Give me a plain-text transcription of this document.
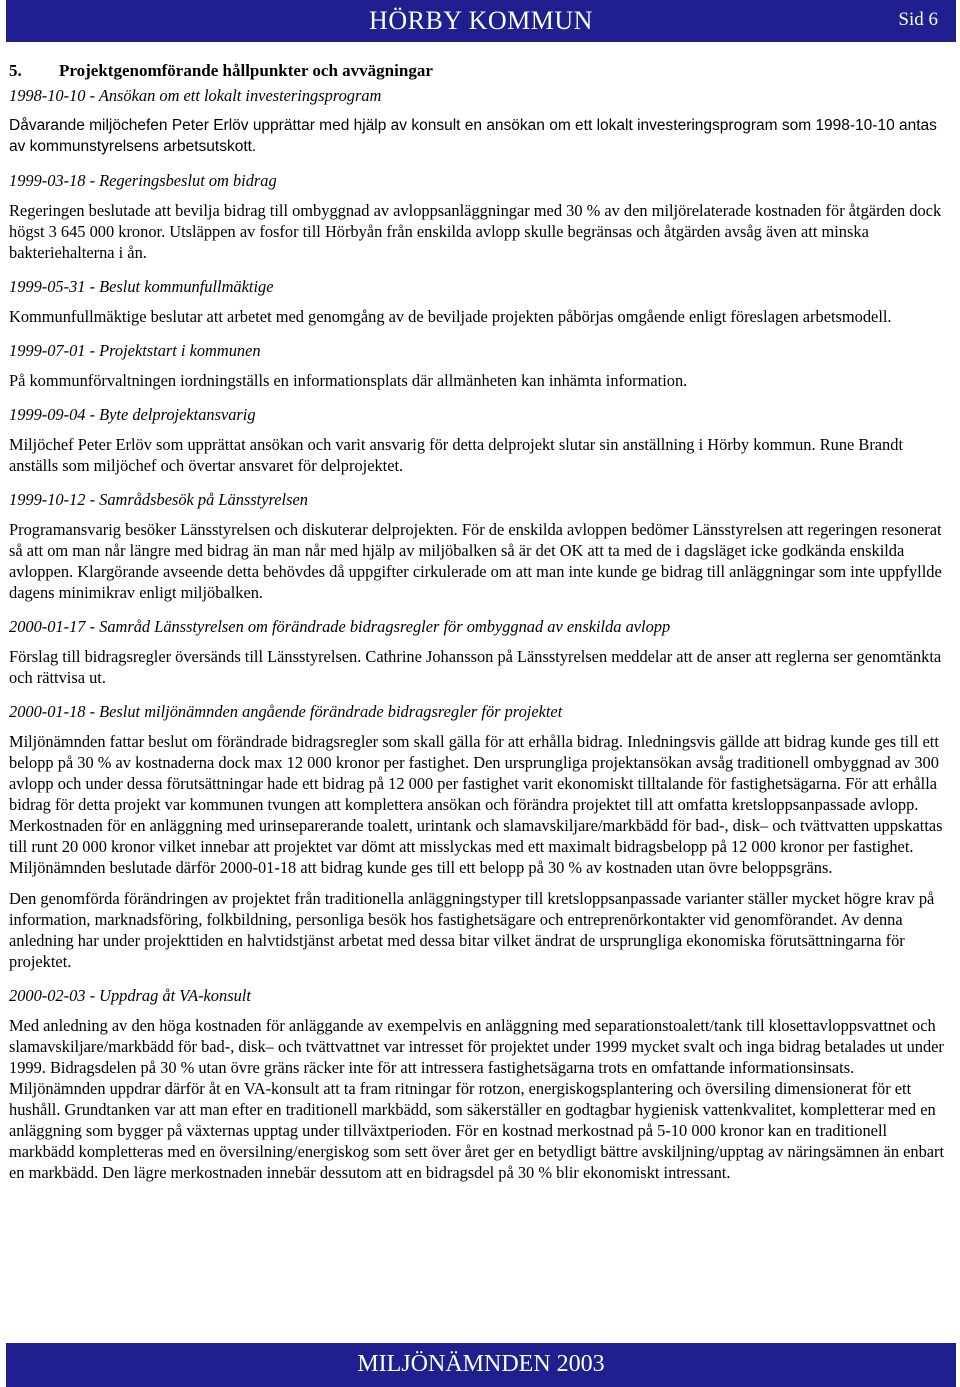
HÖRBY KOMMUN	Sid 6
5. Projektgenomförande hållpunkter och avvägningar
1998-10-10 - Ansökan om ett lokalt investeringsprogram

Dåvarande miljöchefen Peter Erlöv upprättar med hjälp av konsult en ansökan om ett lokalt investeringsprogram som 1998-10-10 antas av kommunstyrelsens arbetsutskott.

1999-03-18 - Regeringsbeslut om bidrag

Regeringen beslutade att bevilja bidrag till ombyggnad av avloppsanläggningar med 30 % av den miljörelaterade kostnaden för åtgärden dock högst 3 645 000 kronor. Utsläppen av fosfor till Hörbyån från enskilda avlopp skulle begränsas och åtgärden avsåg även att minska bakteriehalterna i ån.

1999-05-31 - Beslut kommunfullmäktige

Kommunfullmäktige beslutar att arbetet med genomgång av de beviljade projekten påbörjas omgående enligt föreslagen arbetsmodell.

1999-07-01 - Projektstart i kommunen

På kommunförvaltningen iordningställs en informationsplats där allmänheten kan inhämta information.

1999-09-04 - Byte delprojektansvarig

Miljöchef Peter Erlöv som upprättat ansökan och varit ansvarig för detta delprojekt slutar sin anställning i Hörby kommun. Rune Brandt anställs som miljöchef och övertar ansvaret för delprojektet.

1999-10-12 - Samrådsbesök på Länsstyrelsen

Programansvarig besöker Länsstyrelsen och diskuterar delprojekten. För de enskilda avloppen bedömer Länsstyrelsen att regeringen resonerat så att om man når längre med bidrag än man når med hjälp av miljöbalken så är det OK att ta med de i dagsläget icke godkända enskilda avloppen. Klargörande avseende detta behövdes då uppgifter cirkulerade om att man inte kunde ge bidrag till anläggningar som inte uppfyllde dagens minimikrav enligt miljöbalken.

2000-01-17 - Samråd Länsstyrelsen om förändrade bidragsregler för ombyggnad av enskilda avlopp

Förslag till bidragsregler översänds till Länsstyrelsen. Cathrine Johansson på Länsstyrelsen meddelar att de anser att reglerna ser genomtänkta och rättvisa ut.

2000-01-18 - Beslut miljönämnden angående förändrade bidragsregler för projektet

Miljönämnden fattar beslut om förändrade bidragsregler som skall gälla för att erhålla bidrag. Inledningsvis gällde att bidrag kunde ges till ett belopp på 30 % av kostnaderna dock max 12 000 kronor per fastighet. Den ursprungliga projektansökan avsåg traditionell ombyggnad av 300 avlopp och under dessa förutsättningar hade ett bidrag på 12 000 per fastighet varit ekonomiskt tilltalande för fastighetsägarna. För att erhålla bidrag för detta projekt var kommunen tvungen att komplettera ansökan och förändra projektet till att omfatta kretsloppsanpassade avlopp. Merkostnaden för en anläggning med urinseparerande toalett, urintank och slamavskiljare/markbädd för bad-, disk– och tvättvatten uppskattas till runt 20 000 kronor vilket innebar att projektet var dömt att misslyckas med ett maximalt bidragsbelopp på 12 000 kronor per fastighet. Miljönämnden beslutade därför 2000-01-18 att bidrag kunde ges till ett belopp på 30 % av kostnaden utan övre beloppsgräns.

Den genomförda förändringen av projektet från traditionella anläggningstyper till kretsloppsanpassade varianter ställer mycket högre krav på information, marknadsföring, folkbildning, personliga besök hos fastighetsägare och entreprenörkontakter vid genomförandet. Av denna anledning har under projekttiden en halvtidstjänst arbetat med dessa bitar vilket ändrat de ursprungliga ekonomiska förutsättningarna för projektet.

2000-02-03 - Uppdrag åt VA-konsult

Med anledning av den höga kostnaden för anläggande av exempelvis en anläggning med separationstoalett/tank till klosettavloppsvattnet och slamavskiljare/markbädd för bad-, disk– och tvättvattnet var intresset för projektet under 1999 mycket svalt och inga bidrag betalades ut under 1999. Bidragsdelen på 30 % utan övre gräns räcker inte för att intressera fastighetsägarna trots en omfattande informationsinsats. Miljönämnden uppdrar därför åt en VA-konsult att ta fram ritningar för rotzon, energiskogsplantering och översiling dimensionerat för ett hushåll. Grundtanken var att man efter en traditionell markbädd, som säkerställer en godtagbar hygienisk vattenkvalitet, kompletterar med en anläggning som bygger på växternas upptag under tillväxtperioden. För en kostnad merkostnad på 5-10 000 kronor kan en traditionell markbädd kompletteras med en översilning/energiskog som sett över året ger en betydligt bättre avskiljning/upptag av näringsämnen än enbart en markbädd. Den lägre merkostnaden innebär dessutom att en bidragsdel på 30 % blir ekonomiskt intressant.

MILJÖNÄMNDEN 2003
